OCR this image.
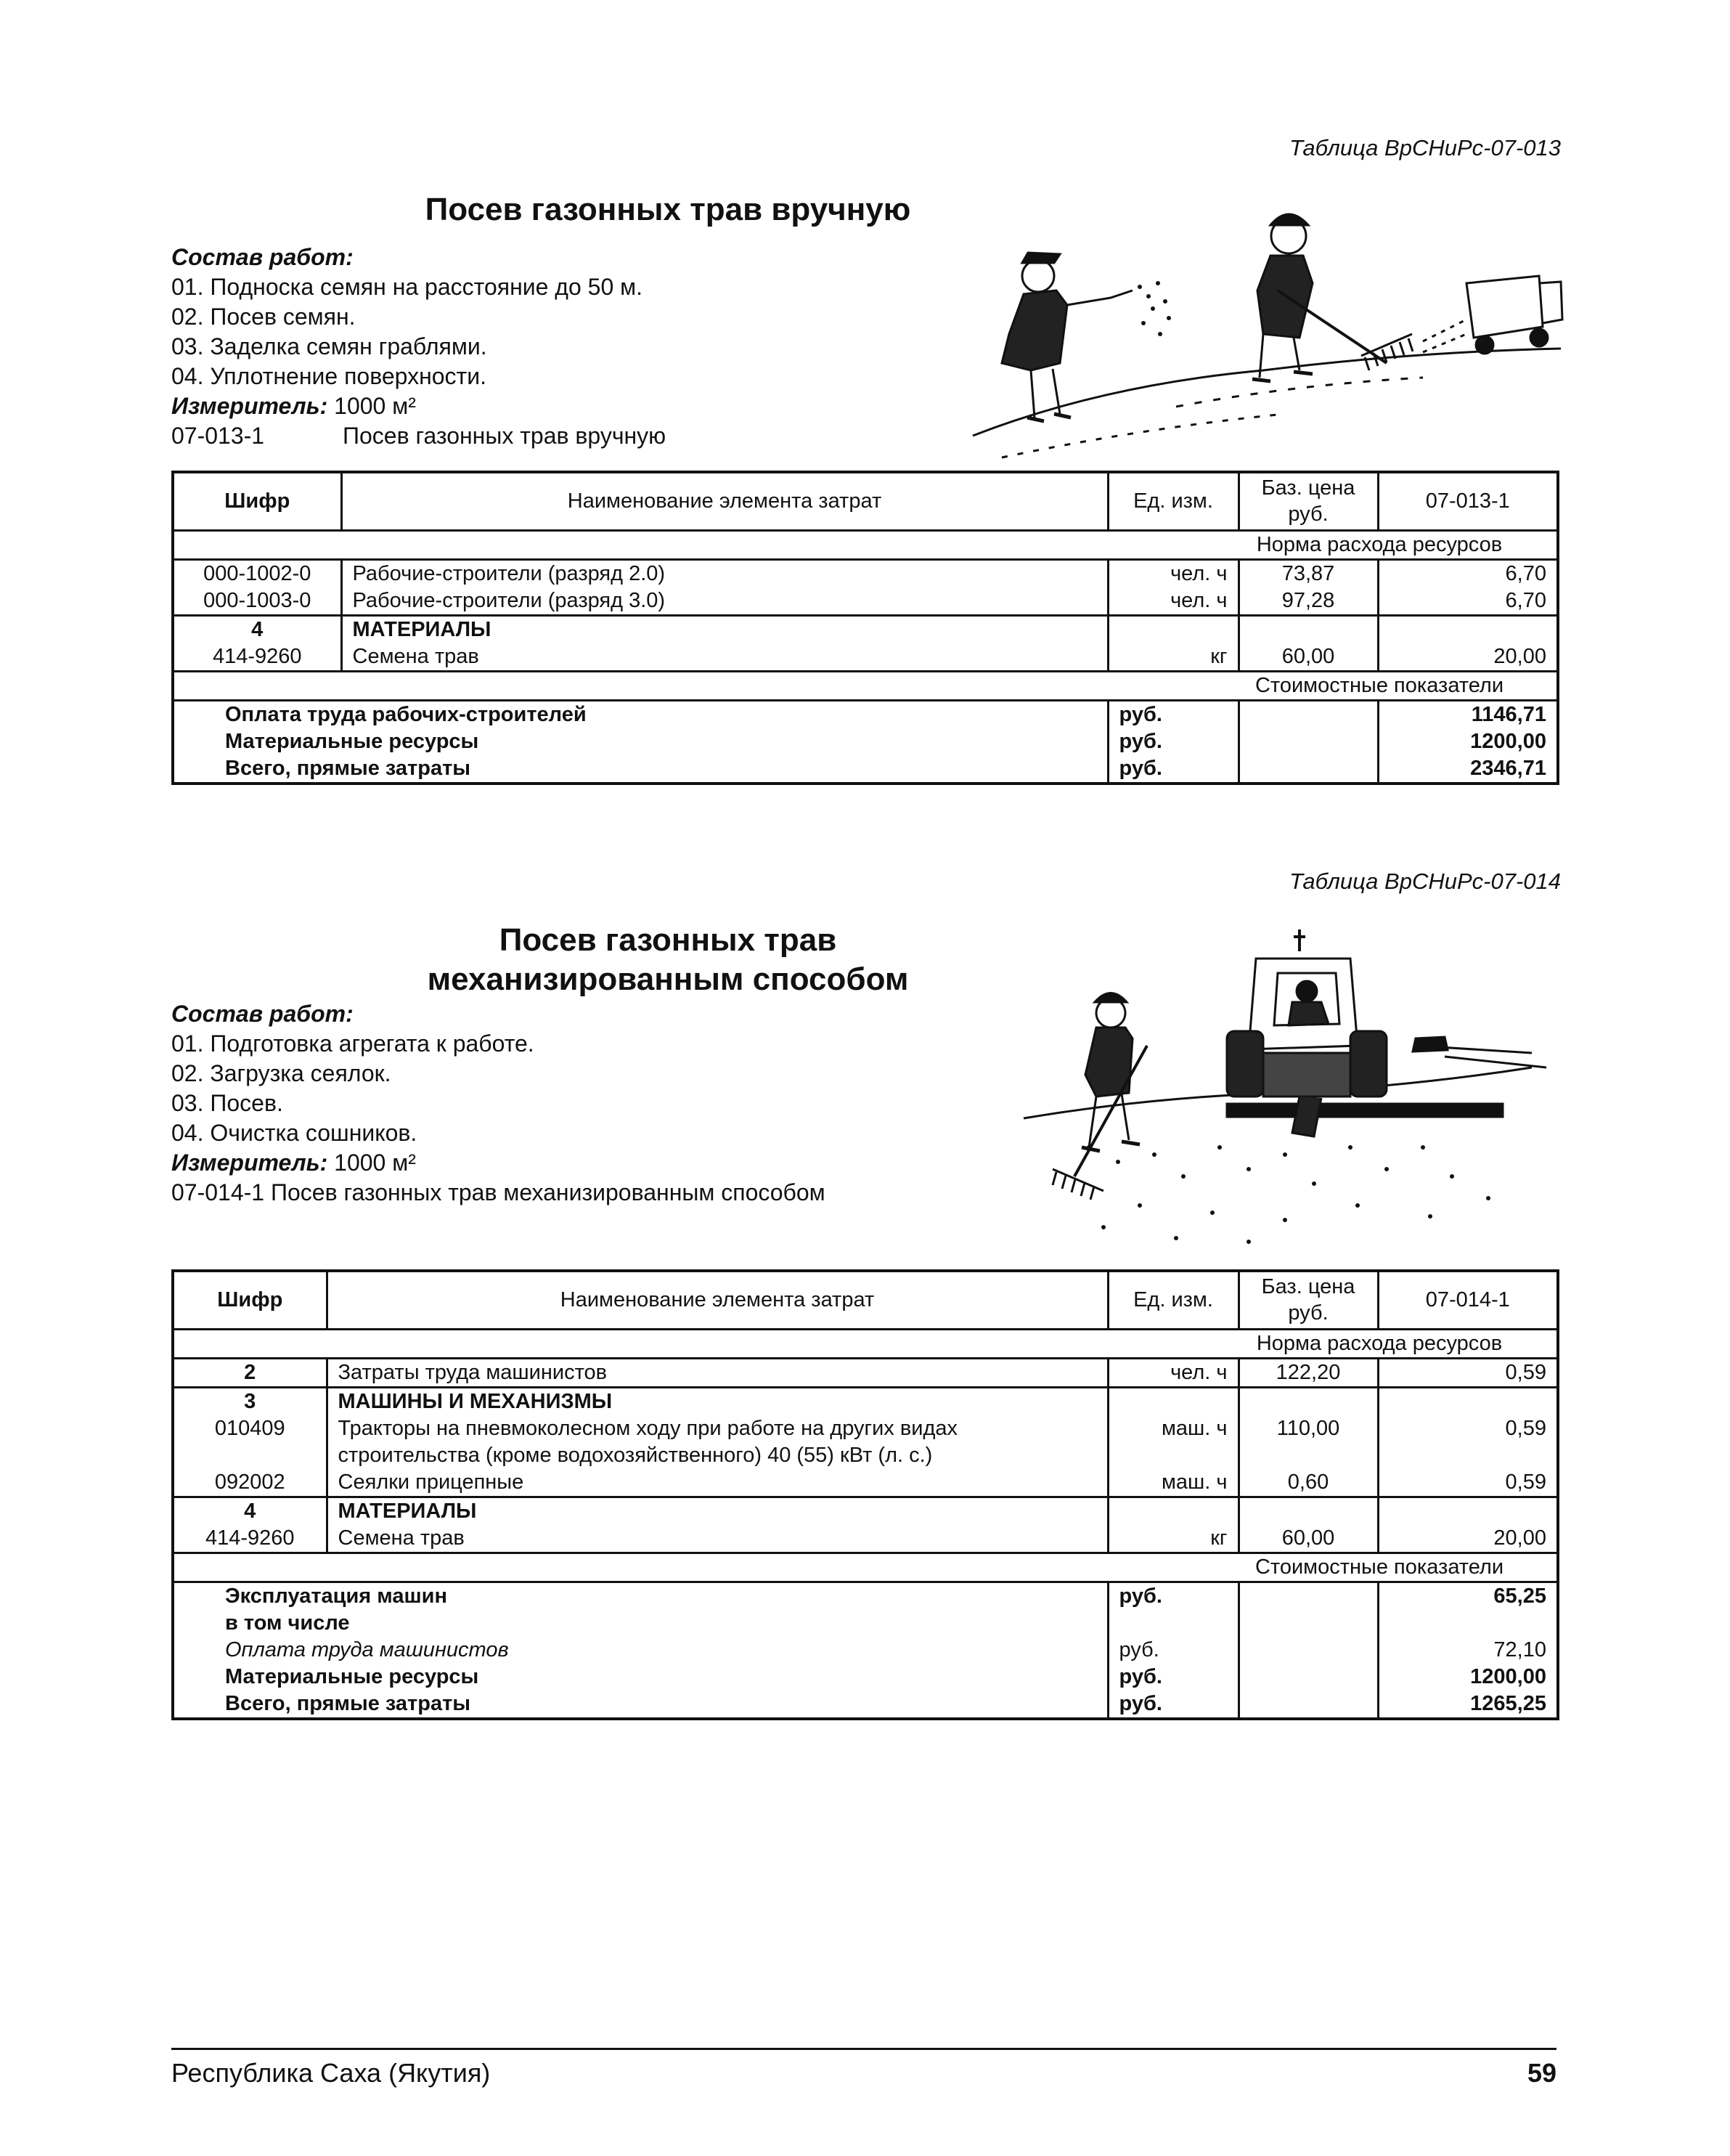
Таблица ВрСНиРс-07-013
Посев газонных трав вручную
Состав работ:
01. Подноска семян на расстояние до 50 м.
02. Посев семян.
03. Заделка семян граблями.
04. Уплотнение поверхности.
Измеритель: 1000 м²
07-013-1	Посев газонных трав вручную
Шифр	Наименование элемента затрат	Ед. изм.	Баз. цена руб.	07-013-1
Норма расхода ресурсов				
000-1002-0	Рабочие-строители (разряд 2.0)	чел. ч	73,87	6,70
000-1003-0	Рабочие-строители (разряд 3.0)	чел. ч	97,28	6,70
4	МАТЕРИАЛЫ			
414-9260	Семена трав	кг	60,00	20,00
Стоимостные показатели				
Оплата труда рабочих-строителей		руб.		1146,71
Материальные ресурсы		руб.		1200,00
Всего, прямые затраты		руб.		2346,71
Таблица ВрСНиРс-07-014
Посев газонных трав
механизированным способом
Состав работ:
01. Подготовка агрегата к работе.
02. Загрузка сеялок.
03. Посев.
04. Очистка сошников.
Измеритель: 1000 м²
07-014-1 Посев газонных трав механизированным способом
Шифр	Наименование элемента затрат	Ед. изм.	Баз. цена руб.	07-014-1
Норма расхода ресурсов				
2	Затраты труда машинистов	чел. ч	122,20	0,59
3	МАШИНЫ И МЕХАНИЗМЫ			
010409	Тракторы на пневмоколесном ходу при работе на других видах строительства (кроме водохозяйственного) 40 (55) кВт (л. с.)	маш. ч	110,00	0,59
092002	Сеялки прицепные	маш. ч	0,60	0,59
4	МАТЕРИАЛЫ			
414-9260	Семена трав	кг	60,00	20,00
Стоимостные показатели				
Эксплуатация машин		руб.		65,25
в том числе				
Оплата труда машинистов		руб.		72,10
Материальные ресурсы		руб.		1200,00
Всего, прямые затраты		руб.		1265,25
Республика Саха (Якутия)	59
